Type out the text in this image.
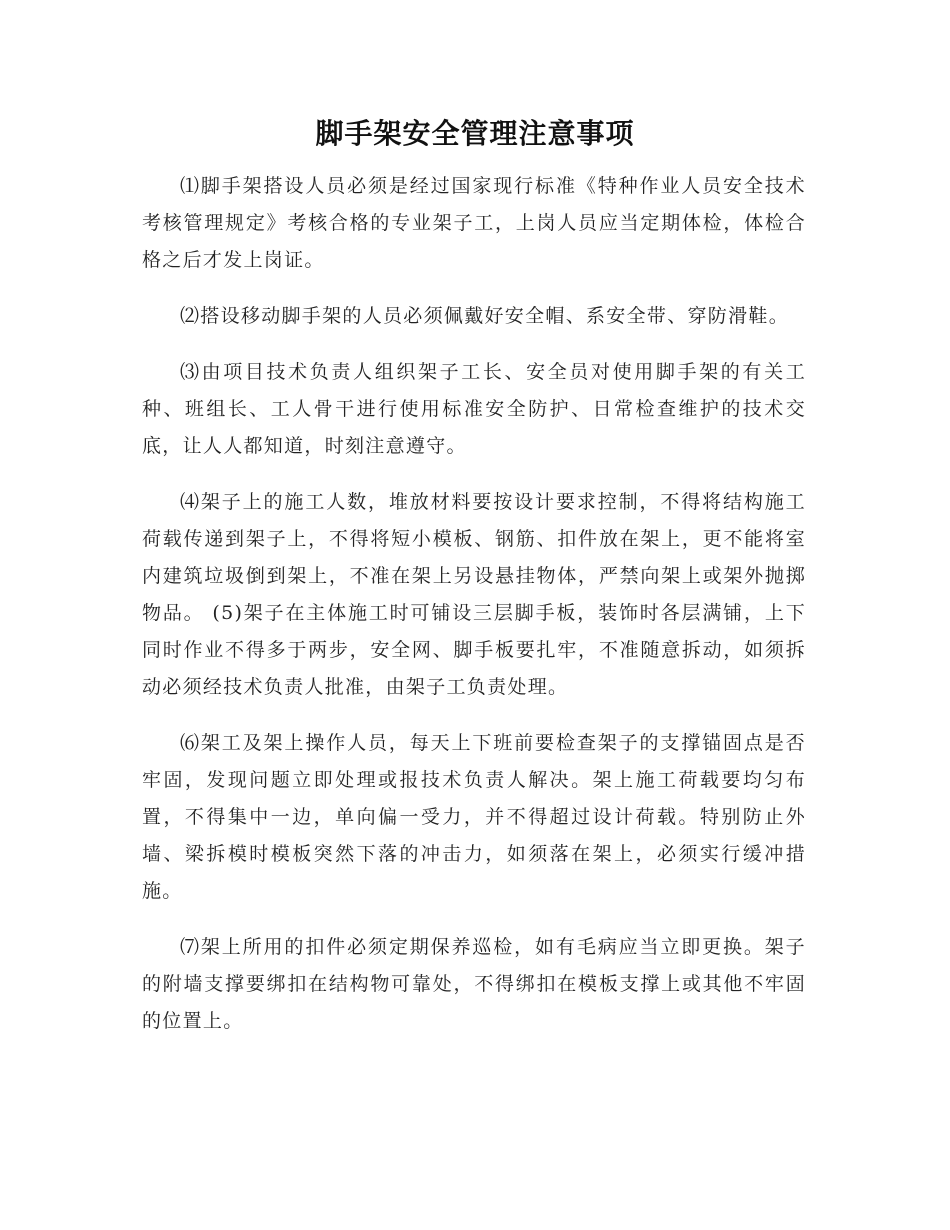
脚手架安全管理注意事项

⑴脚手架搭设人员必须是经过国家现行标准《特种作业人员安全技术考核管理规定》考核合格的专业架子工，上岗人员应当定期体检，体检合格之后才发上岗证。

⑵搭设移动脚手架的人员必须佩戴好安全帽、系安全带、穿防滑鞋。

⑶由项目技术负责人组织架子工长、安全员对使用脚手架的有关工种、班组长、工人骨干进行使用标准安全防护、日常检查维护的技术交底，让人人都知道，时刻注意遵守。

⑷架子上的施工人数，堆放材料要按设计要求控制，不得将结构施工荷载传递到架子上，不得将短小模板、钢筋、扣件放在架上，更不能将室内建筑垃圾倒到架上，不准在架上另设悬挂物体，严禁向架上或架外抛掷物品。 (5)架子在主体施工时可铺设三层脚手板，装饰时各层满铺，上下同时作业不得多于两步，安全网、脚手板要扎牢，不准随意拆动，如须拆动必须经技术负责人批准，由架子工负责处理。

⑹架工及架上操作人员，每天上下班前要检查架子的支撑锚固点是否牢固，发现问题立即处理或报技术负责人解决。架上施工荷载要均匀布置，不得集中一边，单向偏一受力，并不得超过设计荷载。特别防止外墙、梁拆模时模板突然下落的冲击力，如须落在架上，必须实行缓冲措施。

⑺架上所用的扣件必须定期保养巡检，如有毛病应当立即更换。架子的附墙支撑要绑扣在结构物可靠处，不得绑扣在模板支撑上或其他不牢固的位置上。
